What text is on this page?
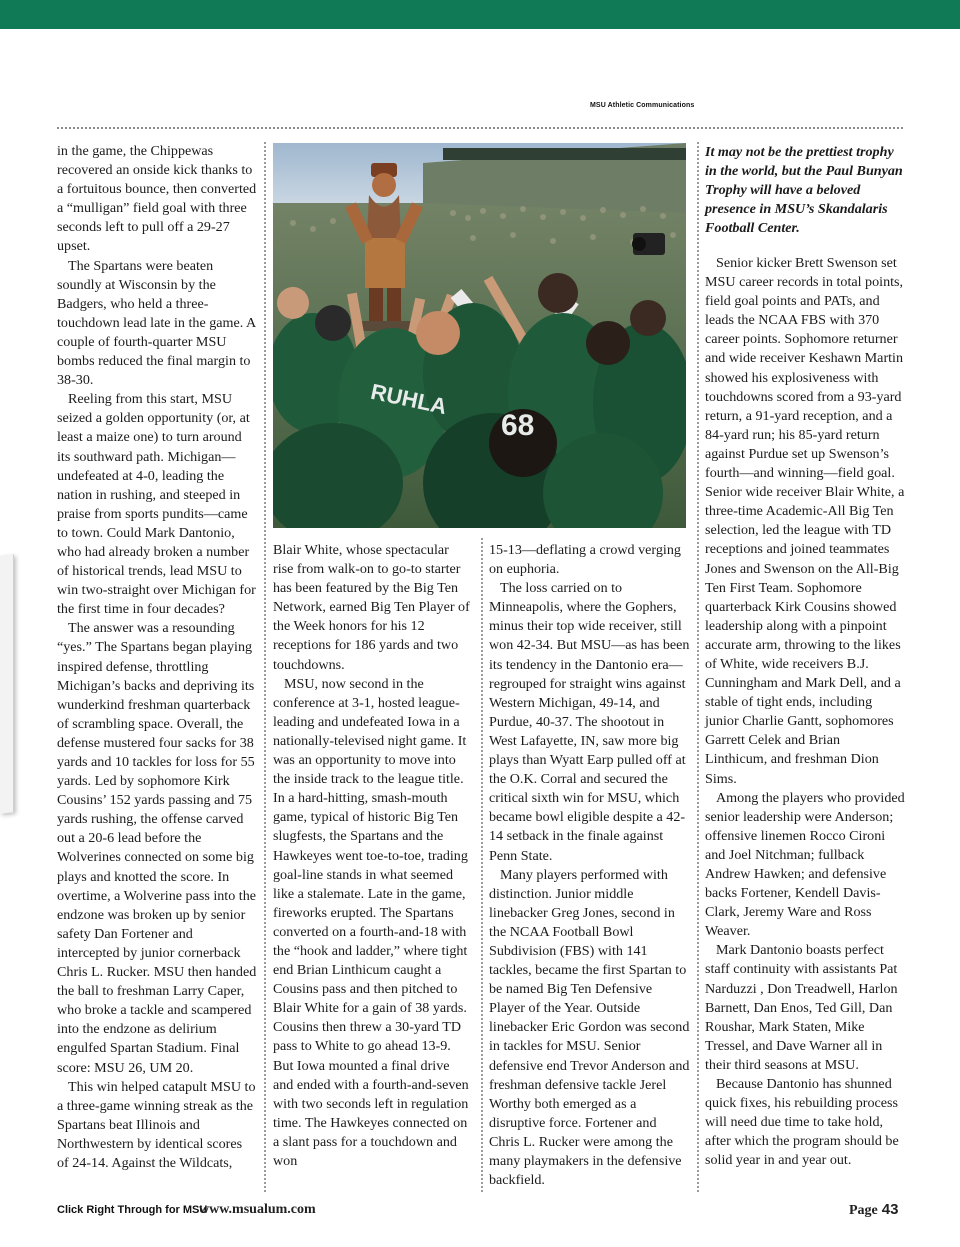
MSU Athletic Communications
RUHLA
68
It may not be the prettiest trophy in the world, but the Paul Bunyan Trophy will have a beloved presence in MSU’s Skandalaris Football Center.

in the game, the Chippewas recovered an onside kick thanks to a fortuitous bounce, then converted a “mulligan” field goal with three seconds left to pull off a 29-27 upset.

The Spartans were beaten soundly at Wisconsin by the Badgers, who held a three-touchdown lead late in the game. A couple of fourth-quarter MSU bombs reduced the final margin to 38-30.

Reeling from this start, MSU seized a golden opportunity (or, at least a maize one) to turn around its southward path. Michigan—undefeated at 4-0, leading the nation in rushing, and steeped in praise from sports pundits—came to town. Could Mark Dantonio, who had already broken a number of historical trends, lead MSU to win two-straight over Michigan for the first time in four decades?

The answer was a resounding “yes.” The Spartans began playing inspired defense, throttling Michigan’s backs and depriving its wunderkind freshman quarterback of scrambling space. Overall, the defense mustered four sacks for 38 yards and 10 tackles for loss for 55 yards. Led by sophomore Kirk Cousins’ 152 yards passing and 75 yards rushing, the offense carved out a 20-6 lead before the Wolverines connected on some big plays and knotted the score. In overtime, a Wolverine pass into the endzone was broken up by senior safety Dan Fortener and intercepted by junior cornerback Chris L. Rucker. MSU then handed the ball to freshman Larry Caper, who broke a tackle and scampered into the endzone as delirium engulfed Spartan Stadium. Final score: MSU 26, UM 20.

This win helped catapult MSU to a three-game winning streak as the Spartans beat Illinois and Northwestern by identical scores of 24-14. Against the Wildcats,

Blair White, whose spectacular rise from walk-on to go-to starter has been featured by the Big Ten Network, earned Big Ten Player of the Week honors for his 12 receptions for 186 yards and two touchdowns.

MSU, now second in the conference at 3-1, hosted league-leading and undefeated Iowa in a nationally-televised night game. It was an opportunity to move into the inside track to the league title. In a hard-hitting, smash-mouth game, typical of historic Big Ten slugfests, the Spartans and the Hawkeyes went toe-to-toe, trading goal-line stands in what seemed like a stalemate. Late in the game, fireworks erupted. The Spartans converted on a fourth-and-18 with the “hook and ladder,” where tight end Brian Linthicum caught a Cousins pass and then pitched to Blair White for a gain of 38 yards. Cousins then threw a 30-yard TD pass to White to go ahead 13-9. But Iowa mounted a final drive and ended with a fourth-and-seven with two seconds left in regulation time. The Hawkeyes connected on a slant pass for a touchdown and won

15-13—deflating a crowd verging on euphoria.

The loss carried on to Minneapolis, where the Gophers, minus their top wide receiver, still won 42-34. But MSU—as has been its tendency in the Dantonio era—regrouped for straight wins against Western Michigan, 49-14, and Purdue, 40-37. The shootout in West Lafayette, IN, saw more big plays than Wyatt Earp pulled off at the O.K. Corral and secured the critical sixth win for MSU, which became bowl eligible despite a 42-14 setback in the finale against Penn State.

Many players performed with distinction. Junior middle linebacker Greg Jones, second in the NCAA Football Bowl Subdivision (FBS) with 141 tackles, became the first Spartan to be named Big Ten Defensive Player of the Year. Outside linebacker Eric Gordon was second in tackles for MSU. Senior defensive end Trevor Anderson and freshman defensive tackle Jerel Worthy both emerged as a disruptive force. Fortener and Chris L. Rucker were among the many playmakers in the defensive backfield.

Senior kicker Brett Swenson set MSU career records in total points, field goal points and PATs, and leads the NCAA FBS with 370 career points. Sophomore returner and wide receiver Keshawn Martin showed his explosiveness with touchdowns scored from a 93-yard return, a 91-yard reception, and a 84-yard run; his 85-yard return against Purdue set up Swenson’s fourth—and winning—field goal. Senior wide receiver Blair White, a three-time Academic-All Big Ten selection, led the league with TD receptions and joined teammates Jones and Swenson on the All-Big Ten First Team. Sophomore quarterback Kirk Cousins showed leadership along with a pinpoint accurate arm, throwing to the likes of White, wide receivers B.J. Cunningham and Mark Dell, and a stable of tight ends, including junior Charlie Gantt, sophomores Garrett Celek and Brian Linthicum, and freshman Dion Sims.

Among the players who provided senior leadership were Anderson; offensive linemen Rocco Cironi and Joel Nitchman; fullback Andrew Hawken; and defensive backs Fortener, Kendell Davis-Clark, Jeremy Ware and Ross Weaver.

Mark Dantonio boasts perfect staff continuity with assistants Pat Narduzzi , Don Treadwell, Harlon Barnett, Dan Enos, Ted Gill, Dan Roushar, Mark Staten, Mike Tressel, and Dave Warner all in their third seasons at MSU.

Because Dantonio has shunned quick fixes, his rebuilding process will need due time to take hold, after which the program should be solid year in and year out.

Click Right Through for MSU
www.msualum.com	Page 43
